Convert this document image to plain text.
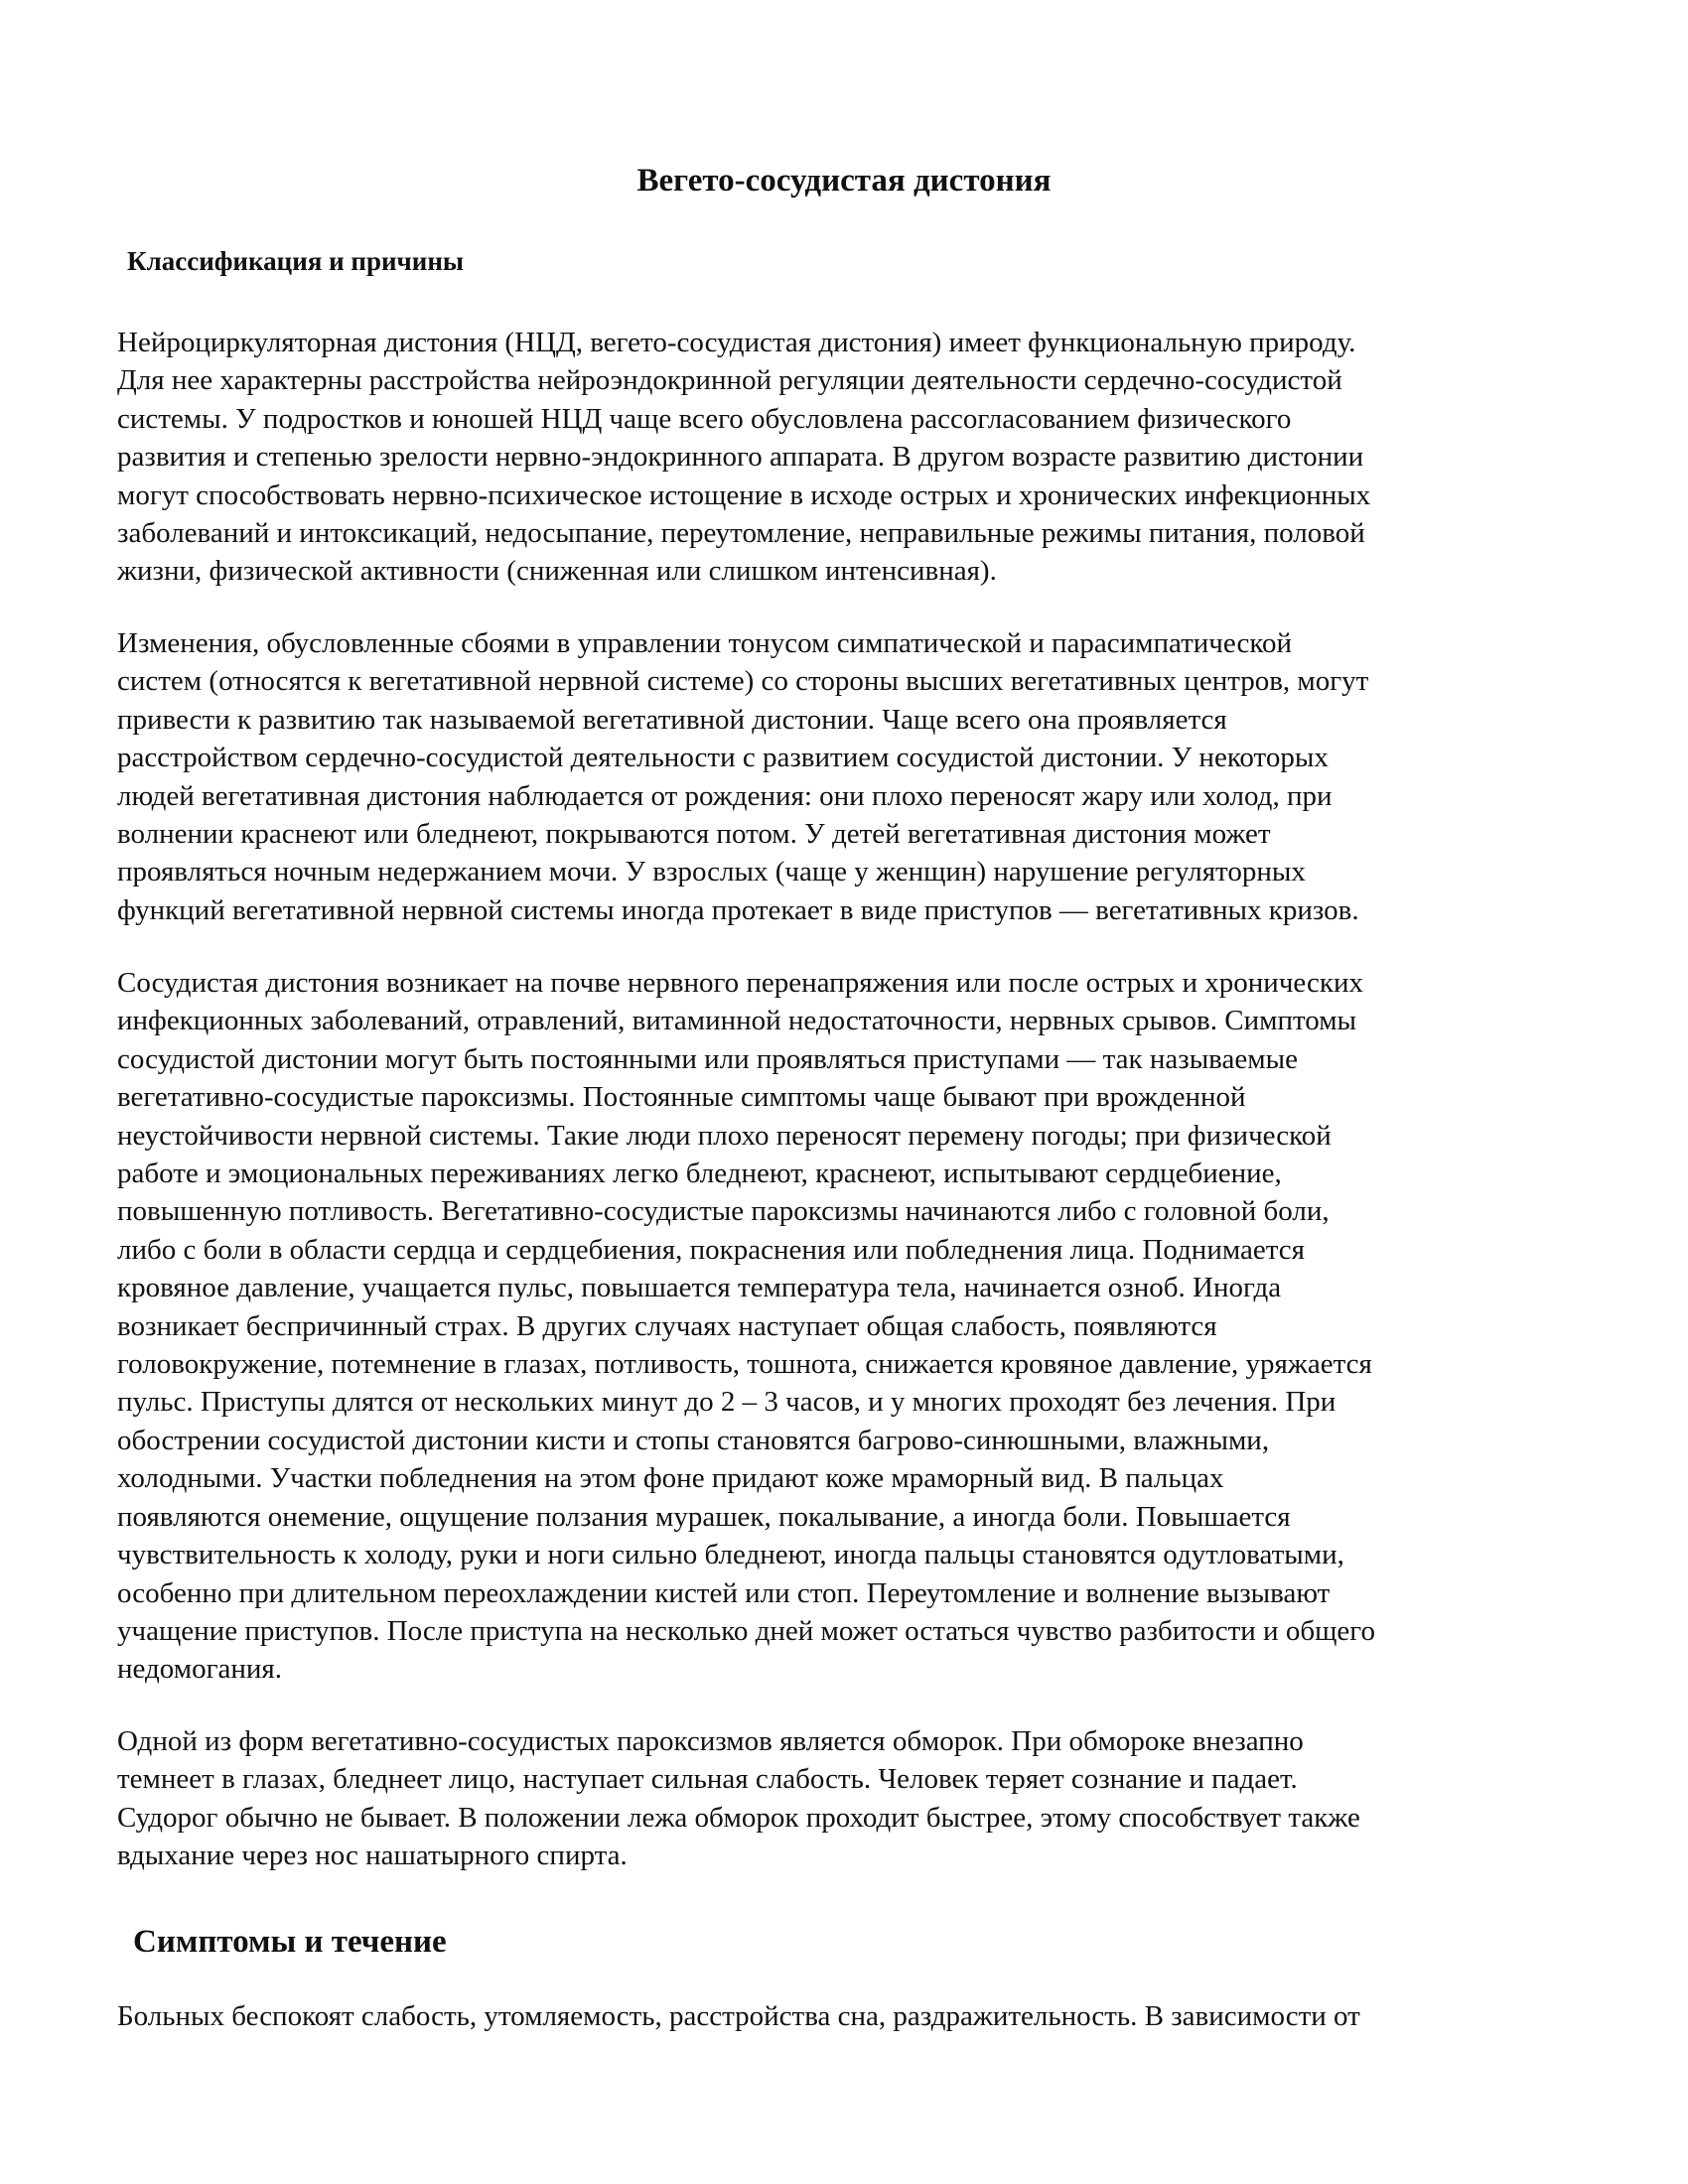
Вегето-сосудистая дистония
Классификация и причины

Нейроциркуляторная дистония (НЦД, вегето-сосудистая дистония) имеет функциональную природу.
Для нее характерны расстройства нейроэндокринной регуляции деятельности сердечно-сосудистой
системы. У подростков и юношей НЦД чаще всего обусловлена рассогласованием физического
развития и степенью зрелости нервно-эндокринного аппарата. В другом возрасте развитию дистонии
могут способствовать нервно-психическое истощение в исходе острых и хронических инфекционных
заболеваний и интоксикаций, недосыпание, переутомление, неправильные режимы питания, половой
жизни, физической активности (сниженная или слишком интенсивная).

Изменения, обусловленные сбоями в управлении тонусом симпатической и парасимпатической
систем (относятся к вегетативной нервной системе) со стороны высших вегетативных центров, могут
привести к развитию так называемой вегетативной дистонии. Чаще всего она проявляется
расстройством сердечно-сосудистой деятельности с развитием сосудистой дистонии. У некоторых
людей вегетативная дистония наблюдается от рождения: они плохо переносят жару или холод, при
волнении краснеют или бледнеют, покрываются потом. У детей вегетативная дистония может
проявляться ночным недержанием мочи. У взрослых (чаще у женщин) нарушение регуляторных
функций вегетативной нервной системы иногда протекает в виде приступов — вегетативных кризов.

Сосудистая дистония возникает на почве нервного перенапряжения или после острых и хронических
инфекционных заболеваний, отравлений, витаминной недостаточности, нервных срывов. Симптомы
сосудистой дистонии могут быть постоянными или проявляться приступами — так называемые
вегетативно-сосудистые пароксизмы. Постоянные симптомы чаще бывают при врожденной
неустойчивости нервной системы. Такие люди плохо переносят перемену погоды; при физической
работе и эмоциональных переживаниях легко бледнеют, краснеют, испытывают сердцебиение,
повышенную потливость. Вегетативно-сосудистые пароксизмы начинаются либо с головной боли,
либо с боли в области сердца и сердцебиения, покраснения или побледнения лица. Поднимается
кровяное давление, учащается пульс, повышается температура тела, начинается озноб. Иногда
возникает беспричинный страх. В других случаях наступает общая слабость, появляются
головокружение, потемнение в глазах, потливость, тошнота, снижается кровяное давление, уряжается
пульс. Приступы длятся от нескольких минут до 2 – 3 часов, и у многих проходят без лечения. При
обострении сосудистой дистонии кисти и стопы становятся багрово-синюшными, влажными,
холодными. Участки побледнения на этом фоне придают коже мраморный вид. В пальцах
появляются онемение, ощущение ползания мурашек, покалывание, а иногда боли. Повышается
чувствительность к холоду, руки и ноги сильно бледнеют, иногда пальцы становятся одутловатыми,
особенно при длительном переохлаждении кистей или стоп. Переутомление и волнение вызывают
учащение приступов. После приступа на несколько дней может остаться чувство разбитости и общего
недомогания.

Одной из форм вегетативно-сосудистых пароксизмов является обморок. При обмороке внезапно
темнеет в глазах, бледнеет лицо, наступает сильная слабость. Человек теряет сознание и падает.
Судорог обычно не бывает. В положении лежа обморок проходит быстрее, этому способствует также
вдыхание через нос нашатырного спирта.

Симптомы и течение

Больных беспокоят слабость, утомляемость, расстройства сна, раздражительность. В зависимости от
